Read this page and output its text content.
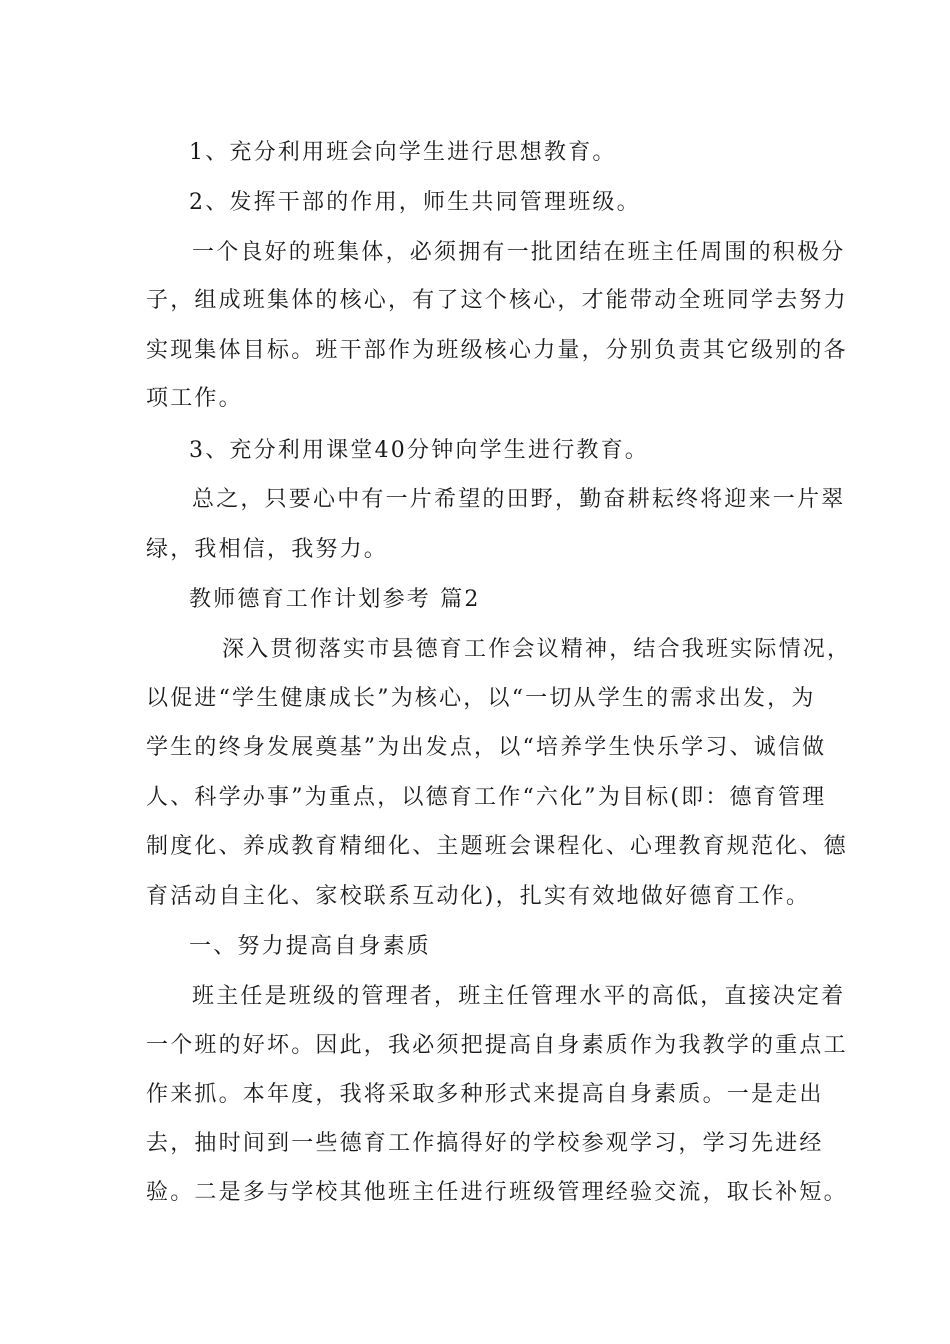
1、充分利用班会向学生进行思想教育。
2、发挥干部的作用，师生共同管理班级。
一个良好的班集体，必须拥有一批团结在班主任周围的积极分
子，组成班集体的核心，有了这个核心，才能带动全班同学去努力
实现集体目标。班干部作为班级核心力量，分别负责其它级别的各
项工作。
3、充分利用课堂40分钟向学生进行教育。
总之，只要心中有一片希望的田野，勤奋耕耘终将迎来一片翠
绿，我相信，我努力。
教师德育工作计划参考 篇2
深入贯彻落实市县德育工作会议精神，结合我班实际情况，
以促进“学生健康成长”为核心，以“一切从学生的需求出发，为
学生的终身发展奠基”为出发点，以“培养学生快乐学习、诚信做
人、科学办事”为重点，以德育工作“六化”为目标(即：德育管理
制度化、养成教育精细化、主题班会课程化、心理教育规范化、德
育活动自主化、家校联系互动化)，扎实有效地做好德育工作。
一、努力提高自身素质
班主任是班级的管理者，班主任管理水平的高低，直接决定着
一个班的好坏。因此，我必须把提高自身素质作为我教学的重点工
作来抓。本年度，我将采取多种形式来提高自身素质。一是走出
去，抽时间到一些德育工作搞得好的学校参观学习，学习先进经
验。二是多与学校其他班主任进行班级管理经验交流，取长补短。
